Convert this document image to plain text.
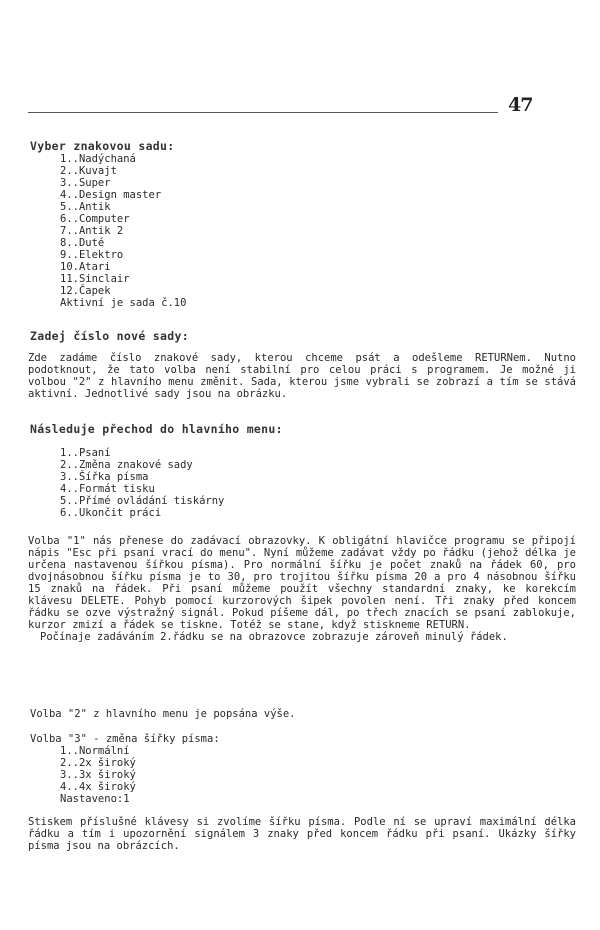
47
Vyber znakovou sadu:
1..Nadýchaná
2..Kuvajt
3..Super
4..Design master
5..Antik
6..Computer
7..Antik 2
8..Duté
9..Elektro
10.Atari
11.Sinclair
12.Čapek
Aktivní je sada č.10
Zadej číslo nové sady:

Zde zadáme číslo znakové sady, kterou chceme psát a odešleme RETURNem. Nutno podotknout, že tato volba není stabilní pro celou práci s programem. Je možné ji volbou "2" z hlavního menu změnit. Sada, kterou jsme vybrali se zobrazí a tím se stává aktivní. Jednotlivé sady jsou na obrázku.

Následuje přechod do hlavního menu:
1..Psaní
2..Změna znakové sady
3..Šířka písma
4..Formát tisku
5..Přímé ovládání tiskárny
6..Ukončit práci

Volba "1" nás přenese do zadávací obrazovky. K obligátní hlavičce programu se připojí nápis "Esc při psaní vrací do menu". Nyní můžeme zadávat vždy po řádku (jehož délka je určena nastavenou šířkou písma). Pro normální šířku je počet znaků na řádek 60, pro dvojnásobnou šířku písma je to 30, pro trojitou šířku písma 20 a pro 4 násobnou šířku 15 znaků na řádek. Při psaní můžeme použít všechny standardní znaky, ke korekcím klávesu DELETE. Pohyb pomocí kurzorových šipek povolen není. Tři znaky před koncem řádku se ozve výstražný signál. Pokud píšeme dál, po třech znacích se psaní zablokuje, kurzor zmizí a řádek se tiskne. Totéž se stane, když stiskneme RETURN.

Počínaje zadáváním 2.řádku se na obrazovce zobrazuje zároveň minulý řádek.

Volba "2" z hlavního menu je popsána výše.
Volba "3" - změna šířky písma:
1..Normální
2..2x široký
3..3x široký
4..4x široký
Nastaveno:1

Stiskem příslušné klávesy si zvolíme šířku písma. Podle ní se upraví maximální délka řádku a tím i upozornění signálem 3 znaky před koncem řádku při psaní. Ukázky šířky písma jsou na obrázcích.
